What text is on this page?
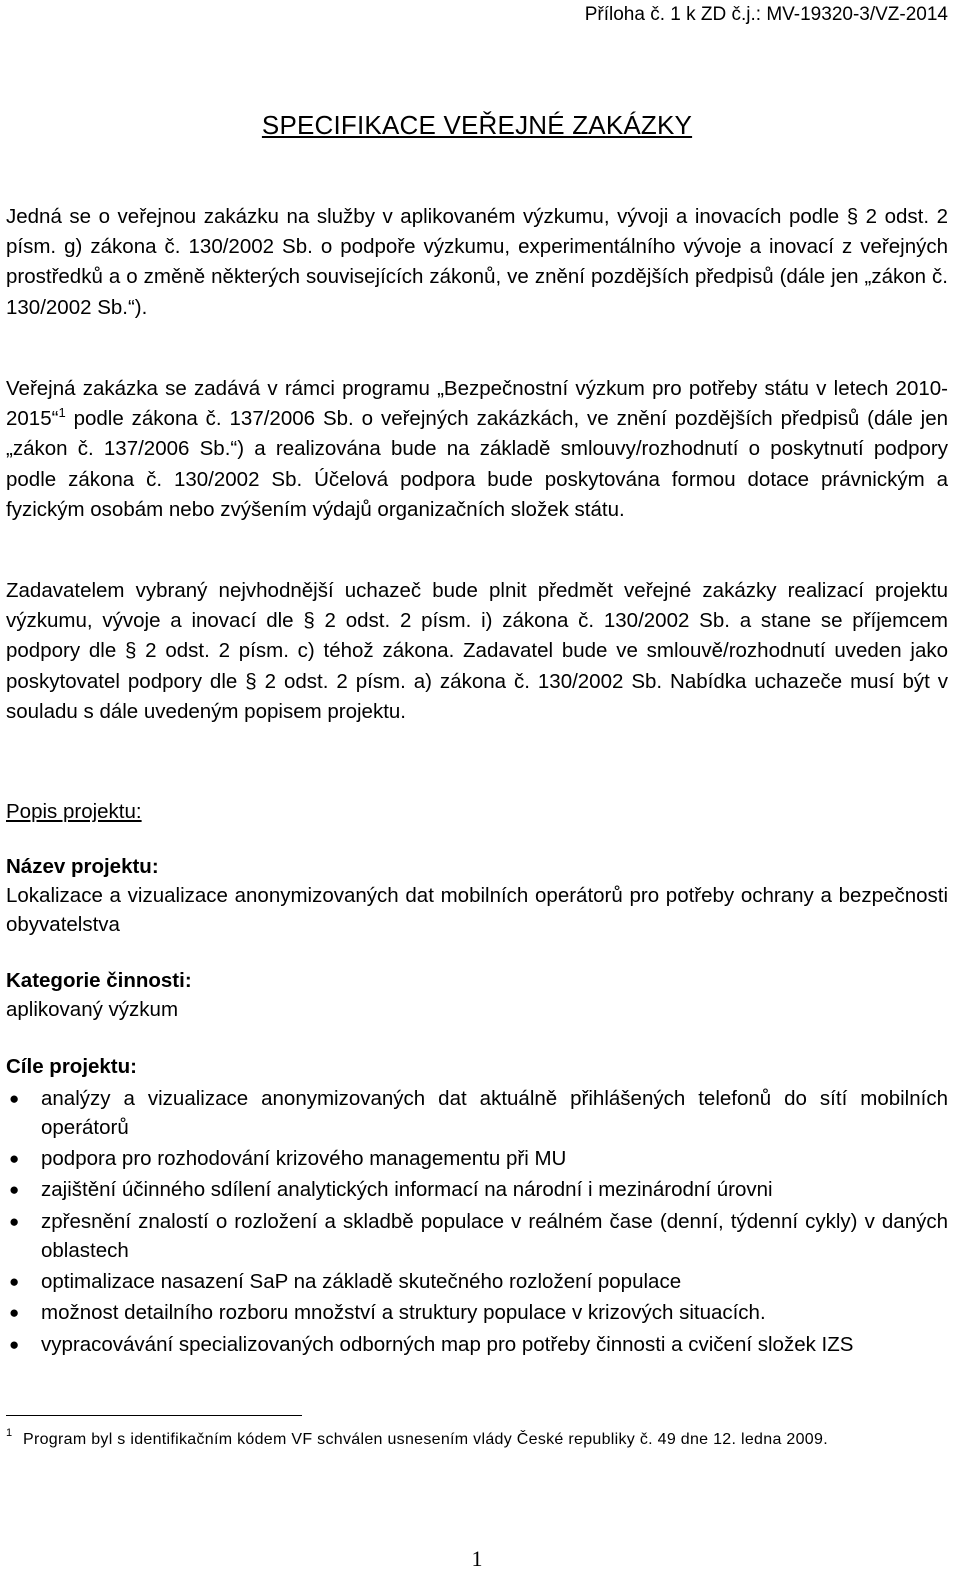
Příloha č. 1 k ZD č.j.: MV-19320-3/VZ-2014
SPECIFIKACE VEŘEJNÉ ZAKÁZKY
Jedná se o veřejnou zakázku na služby v aplikovaném výzkumu, vývoji a inovacích podle § 2 odst. 2 písm. g) zákona č. 130/2002 Sb. o podpoře výzkumu, experimentálního vývoje a inovací z veřejných prostředků a o změně některých souvisejících zákonů, ve znění pozdějších předpisů (dále jen „zákon č. 130/2002 Sb.“).
Veřejná zakázka se zadává v rámci programu „Bezpečnostní výzkum pro potřeby státu v letech 2010-2015“$^1$ podle zákona č. 137/2006 Sb. o veřejných zakázkách, ve znění pozdějších předpisů (dále jen „zákon č. 137/2006 Sb.“) a realizována bude na základě smlouvy/rozhodnutí o poskytnutí podpory podle zákona č. 130/2002 Sb. Účelová podpora bude poskytována formou dotace právnickým a fyzickým osobám nebo zvýšením výdajů organizačních složek státu.
Zadavatelem vybraný nejvhodnější uchazeč bude plnit předmět veřejné zakázky realizací projektu výzkumu, vývoje a inovací dle § 2 odst. 2 písm. i) zákona č. 130/2002 Sb. a stane se příjemcem podpory dle § 2 odst. 2 písm. c) téhož zákona. Zadavatel bude ve smlouvě/rozhodnutí uveden jako poskytovatel podpory dle § 2 odst. 2 písm. a) zákona č. 130/2002 Sb. Nabídka uchazeče musí být v souladu s dále uvedeným popisem projektu.
Popis projektu:
Název projektu:
Lokalizace a vizualizace anonymizovaných dat mobilních operátorů pro potřeby ochrany a bezpečnosti obyvatelstva
Kategorie činnosti:
aplikovaný výzkum
Cíle projektu:
● analýzy a vizualizace anonymizovaných dat aktuálně přihlášených telefonů do sítí mobilních operátorů
● podpora pro rozhodování krizového managementu při MU
● zajištění účinného sdílení analytických informací na národní i mezinárodní úrovni
● zpřesnění znalostí o rozložení a skladbě populace v reálném čase (denní, týdenní cykly) v daných oblastech
● optimalizace nasazení SaP na základě skutečného rozložení populace
● možnost detailního rozboru množství a struktury populace v krizových situacích.
● vypracovávání specializovaných odborných map pro potřeby činnosti a cvičení složek IZS
1 Program byl s identifikačním kódem VF schválen usnesením vlády České republiky č. 49 dne 12. ledna 2009.
1
